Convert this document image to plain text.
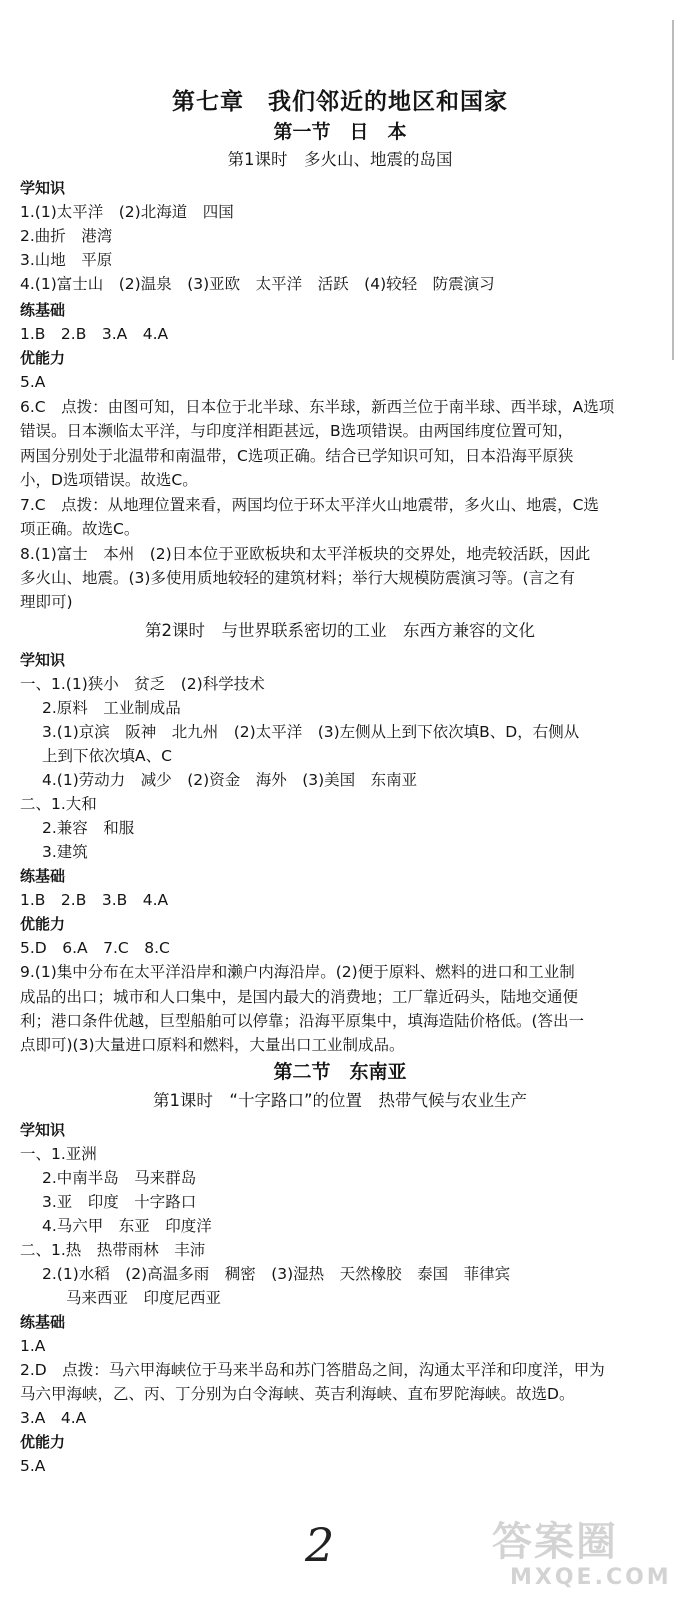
第七章　我们邻近的地区和国家
第一节　日　本
第1课时　多火山、地震的岛国
学知识
1.(1)太平洋　(2)北海道　四国
2.曲折　港湾
3.山地　平原
4.(1)富士山　(2)温泉　(3)亚欧　太平洋　活跃　(4)较轻　防震演习
练基础
1.B　2.B　3.A　4.A
优能力
5.A
6.C　点拨：由图可知，日本位于北半球、东半球，新西兰位于南半球、西半球，A选项
错误。日本濒临太平洋，与印度洋相距甚远，B选项错误。由两国纬度位置可知，
两国分别处于北温带和南温带，C选项正确。结合已学知识可知，日本沿海平原狭
小，D选项错误。故选C。
7.C　点拨：从地理位置来看，两国均位于环太平洋火山地震带，多火山、地震，C选
项正确。故选C。
8.(1)富士　本州　(2)日本位于亚欧板块和太平洋板块的交界处，地壳较活跃，因此
多火山、地震。(3)多使用质地较轻的建筑材料；举行大规模防震演习等。(言之有
理即可)
第2课时　与世界联系密切的工业　东西方兼容的文化
学知识
一、1.(1)狭小　贫乏　(2)科学技术
2.原料　工业制成品
3.(1)京滨　阪神　北九州　(2)太平洋　(3)左侧从上到下依次填B、D，右侧从
上到下依次填A、C
4.(1)劳动力　减少　(2)资金　海外　(3)美国　东南亚
二、1.大和
2.兼容　和服
3.建筑
练基础
1.B　2.B　3.B　4.A
优能力
5.D　6.A　7.C　8.C
9.(1)集中分布在太平洋沿岸和濑户内海沿岸。(2)便于原料、燃料的进口和工业制
成品的出口；城市和人口集中，是国内最大的消费地；工厂靠近码头，陆地交通便
利；港口条件优越，巨型船舶可以停靠；沿海平原集中，填海造陆价格低。(答出一
点即可)(3)大量进口原料和燃料，大量出口工业制成品。
第二节　东南亚
第1课时　“十字路口”的位置　热带气候与农业生产
学知识
一、1.亚洲
2.中南半岛　马来群岛
3.亚　印度　十字路口
4.马六甲　东亚　印度洋
二、1.热　热带雨林　丰沛
2.(1)水稻　(2)高温多雨　稠密　(3)湿热　天然橡胶　泰国　菲律宾
马来西亚　印度尼西亚
练基础
1.A
2.D　点拨：马六甲海峡位于马来半岛和苏门答腊岛之间，沟通太平洋和印度洋，甲为
马六甲海峡，乙、丙、丁分别为白令海峡、英吉利海峡、直布罗陀海峡。故选D。
3.A　4.A
优能力
5.A
2	答案圈
MXQE.COM
